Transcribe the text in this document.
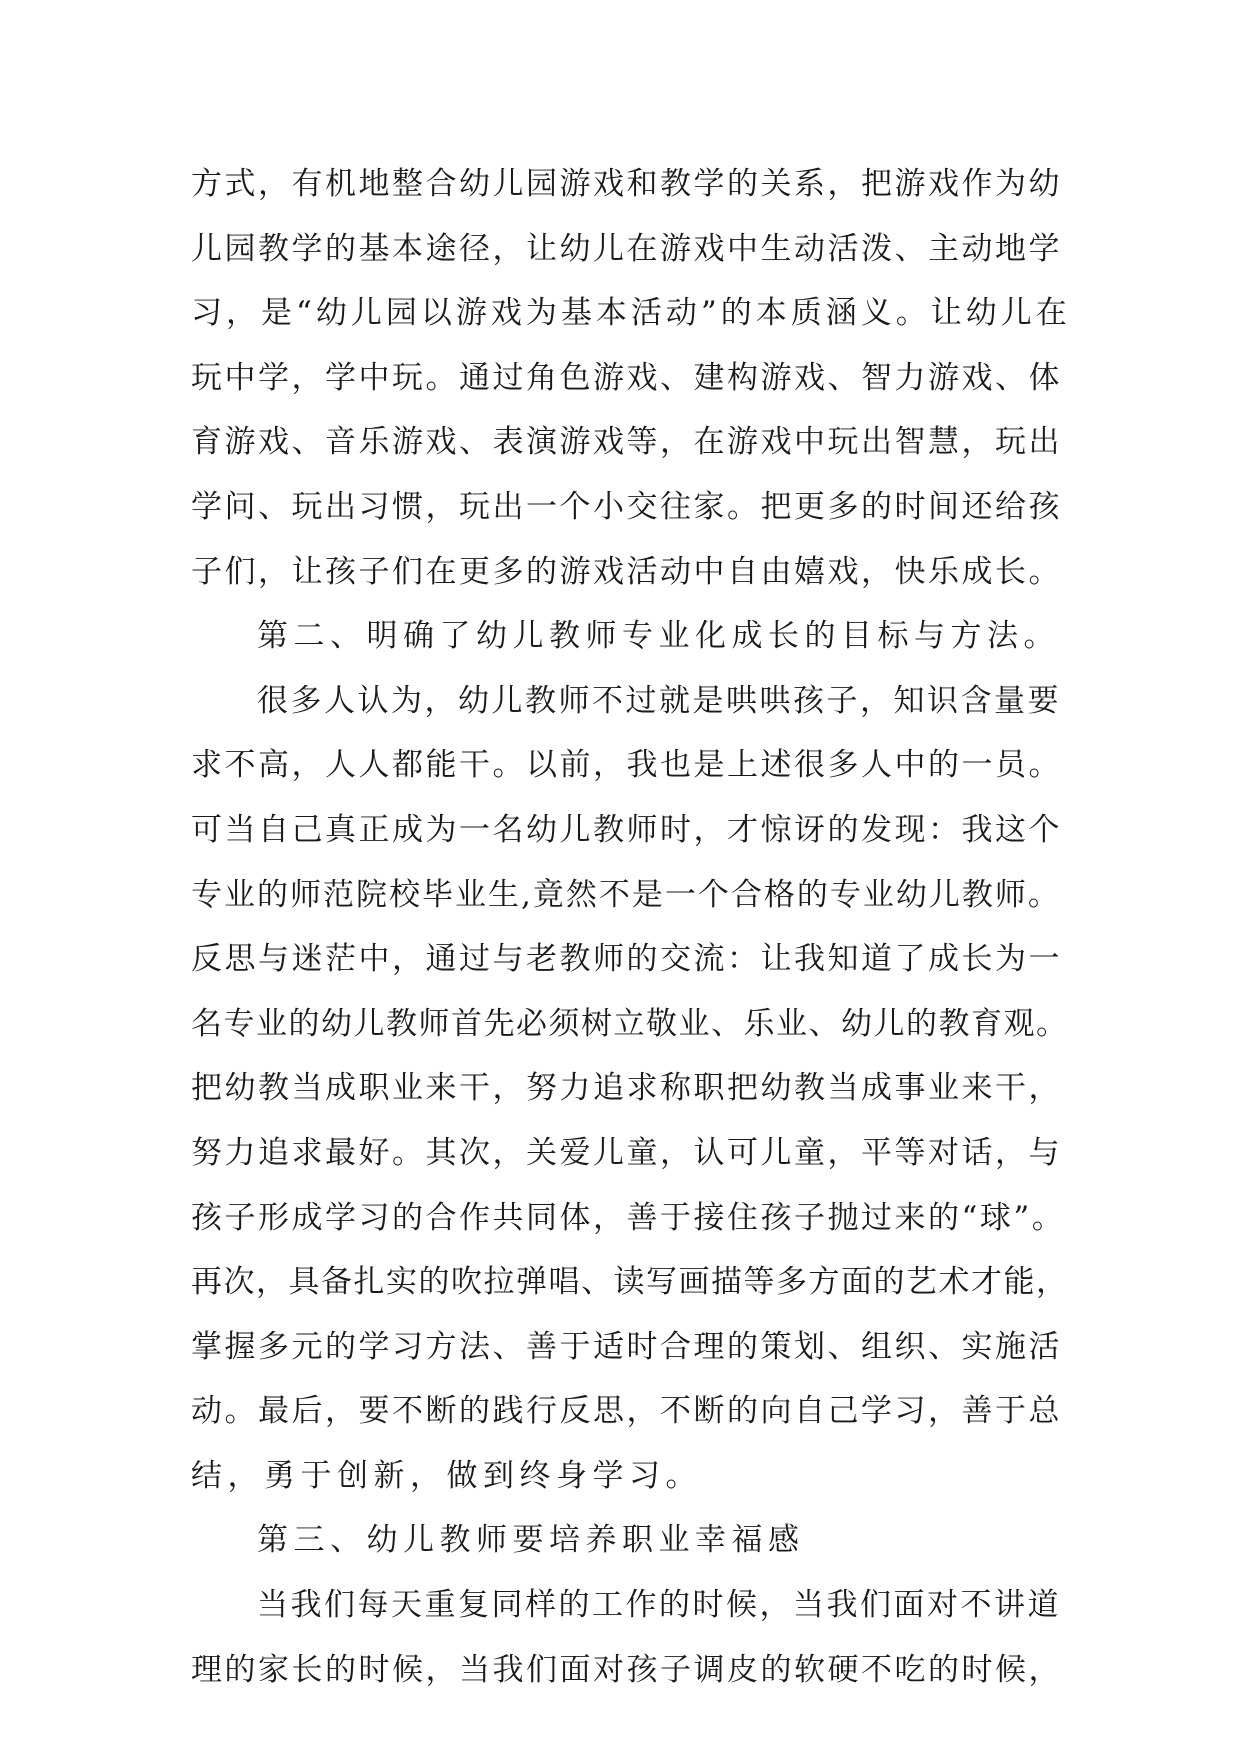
方式，有机地整合幼儿园游戏和教学的关系，把游戏作为幼
儿园教学的基本途径，让幼儿在游戏中生动活泼、主动地学
习，是“幼儿园以游戏为基本活动”的本质涵义。让幼儿在
玩中学，学中玩。通过角色游戏、建构游戏、智力游戏、体
育游戏、音乐游戏、表演游戏等，在游戏中玩出智慧，玩出
学问、玩出习惯，玩出一个小交往家。把更多的时间还给孩
子们，让孩子们在更多的游戏活动中自由嬉戏，快乐成长。
第二、明确了幼儿教师专业化成长的目标与方法。
很多人认为，幼儿教师不过就是哄哄孩子，知识含量要
求不高，人人都能干。以前，我也是上述很多人中的一员。
可当自己真正成为一名幼儿教师时，才惊讶的发现：我这个
专业的师范院校毕业生,竟然不是一个合格的专业幼儿教师。
反思与迷茫中，通过与老教师的交流：让我知道了成长为一
名专业的幼儿教师首先必须树立敬业、乐业、幼儿的教育观。
把幼教当成职业来干，努力追求称职把幼教当成事业来干，
努力追求最好。其次，关爱儿童，认可儿童，平等对话，与
孩子形成学习的合作共同体，善于接住孩子抛过来的“球”。
再次，具备扎实的吹拉弹唱、读写画描等多方面的艺术才能，
掌握多元的学习方法、善于适时合理的策划、组织、实施活
动。最后，要不断的践行反思，不断的向自己学习，善于总
结，勇于创新，做到终身学习。
第三、幼儿教师要培养职业幸福感
当我们每天重复同样的工作的时候，当我们面对不讲道
理的家长的时候，当我们面对孩子调皮的软硬不吃的时候，
